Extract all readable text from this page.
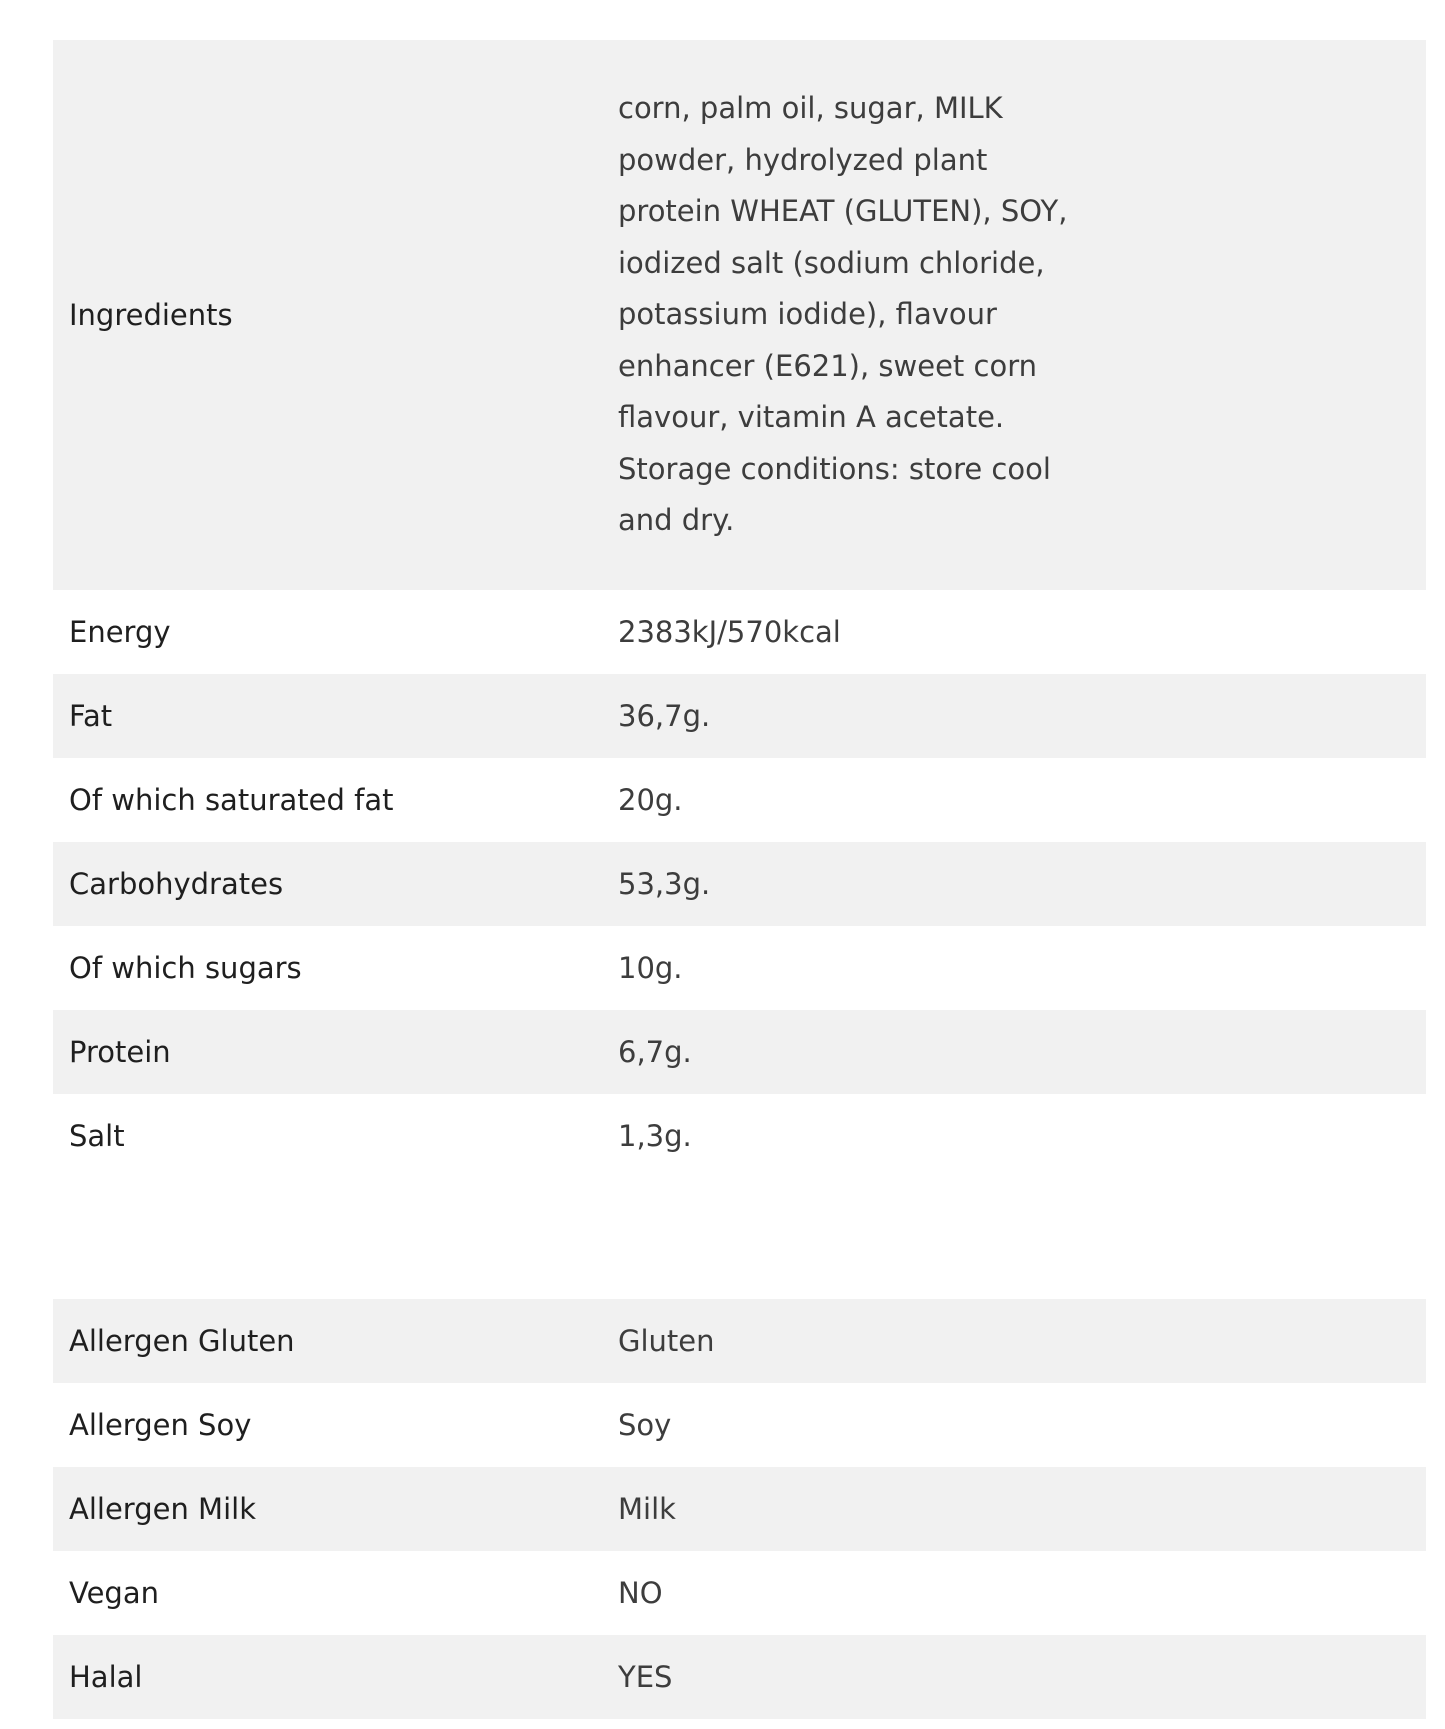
Ingredients	corn, palm oil, sugar, MILK powder, hydrolyzed plant protein WHEAT (GLUTEN), SOY, iodized salt (sodium chloride, potassium iodide), flavour enhancer (E621), sweet corn flavour, vitamin A acetate. Storage conditions: store cool and dry.

Energy	2383kJ/570kcal
Fat	36,7g.
Of which saturated fat	20g.
Carbohydrates	53,3g.
Of which sugars	10g.
Protein	6,7g.
Salt	1,3g.
Allergen Gluten	Gluten
Allergen Soy	Soy
Allergen Milk	Milk
Vegan	NO
Halal	YES
